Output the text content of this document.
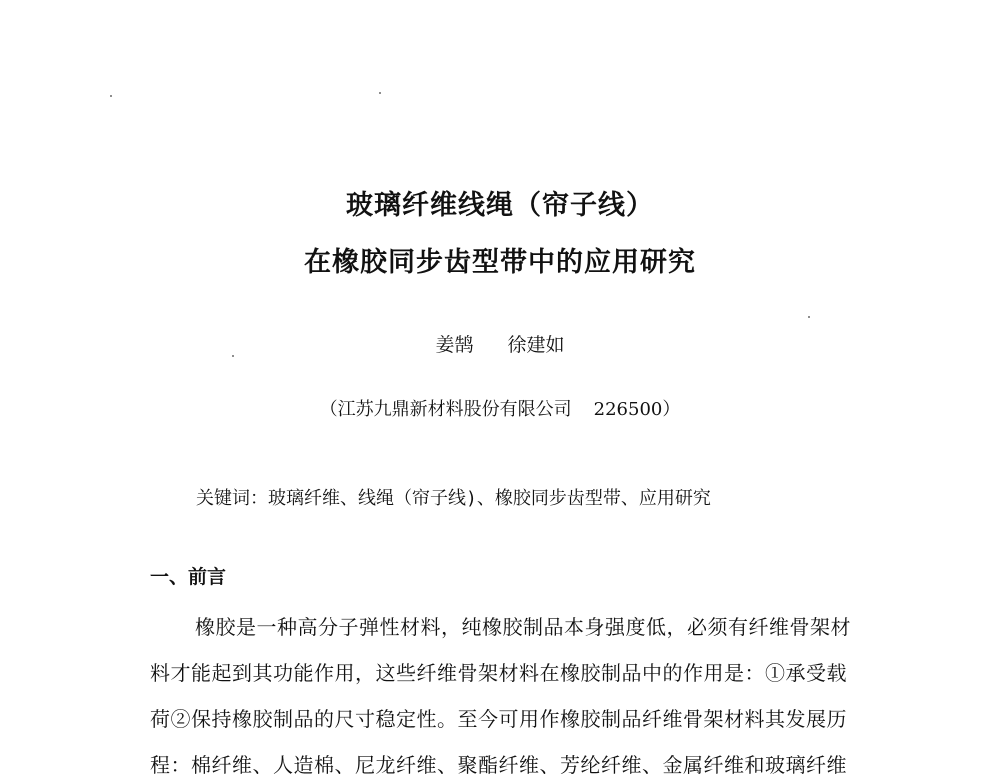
玻璃纤维线绳（帘子线）
在橡胶同步齿型带中的应用研究
姜鹄 徐建如
（江苏九鼎新材料股份有限公司 226500）
关键词：玻璃纤维、线绳（帘子线)、橡胶同步齿型带、应用研究
一、前言
橡胶是一种高分子弹性材料，纯橡胶制品本身强度低，必须有纤维骨架材
料才能起到其功能作用，这些纤维骨架材料在橡胶制品中的作用是：①承受载
荷②保持橡胶制品的尺寸稳定性。至今可用作橡胶制品纤维骨架材料其发展历
程：棉纤维、人造棉、尼龙纤维、聚酯纤维、芳纶纤维、金属纤维和玻璃纤维
